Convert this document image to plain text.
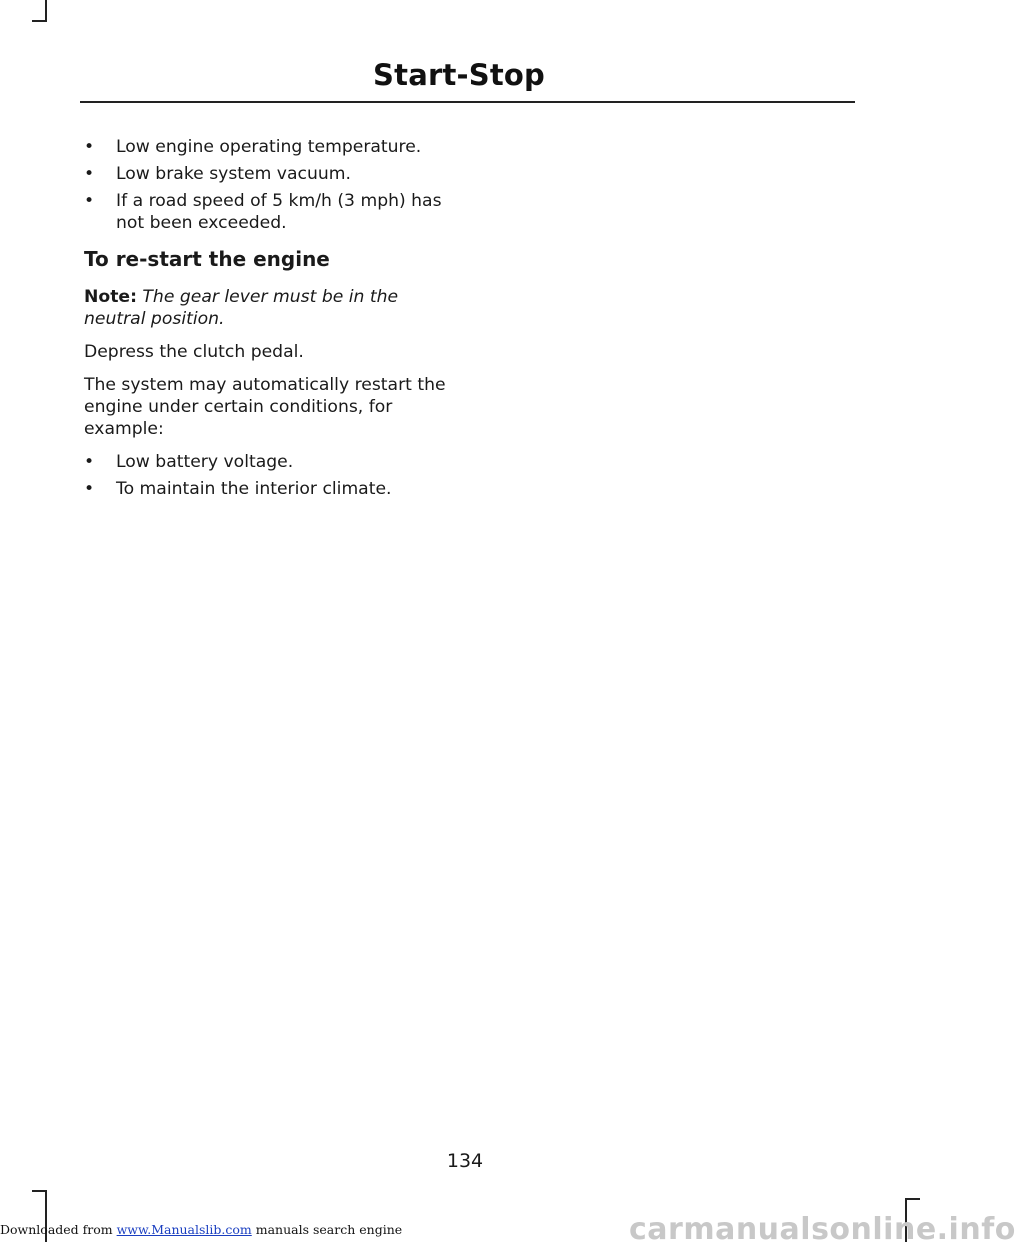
Start-Stop
•	Low engine operating temperature.
•	Low brake system vacuum.
•	If a road speed of 5 km/h (3 mph) has not been exceeded.
To re-start the engine

Note: The gear lever must be in the neutral position.

Depress the clutch pedal.

The system may automatically restart the engine under certain conditions, for example:

•	Low battery voltage.
•	To maintain the interior climate.
134
Downloaded from www.Manualslib.com manuals search engine	carmanualsonline.info
